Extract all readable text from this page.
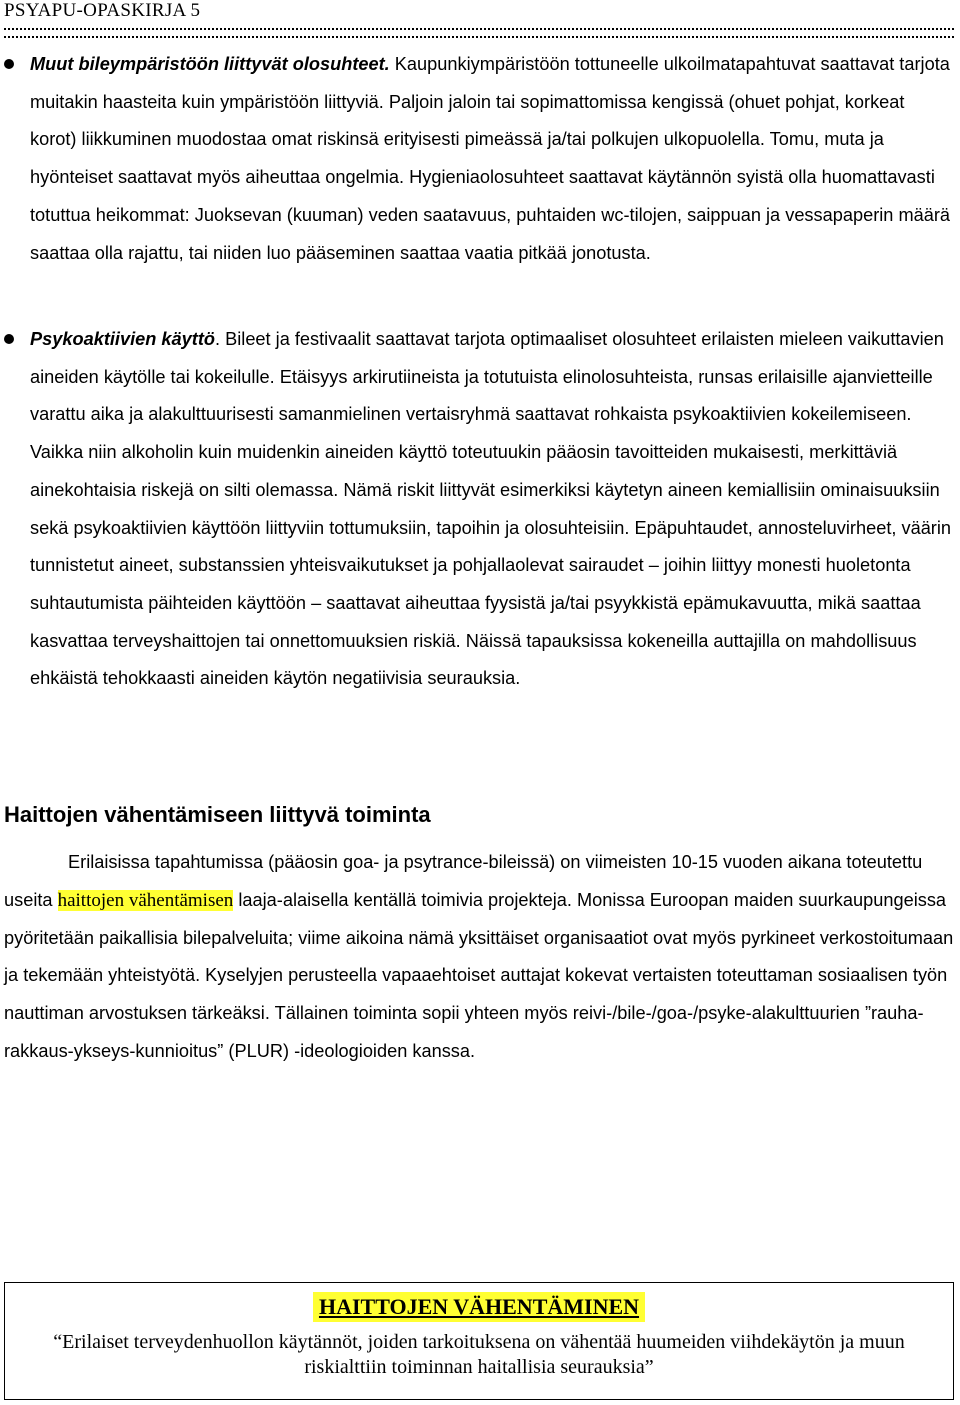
PSYAPU-OPASKIRJA 5
Muut bileympäristöön liittyvät olosuhteet. Kaupunkiympäristöön tottuneelle ulkoilmatapahtuvat saattavat tarjota muitakin haasteita kuin ympäristöön liittyviä. Paljoin jaloin tai sopimattomissa kengissä (ohuet pohjat, korkeat korot) liikkuminen muodostaa omat riskinsä erityisesti pimeässä ja/tai polkujen ulkopuolella. Tomu, muta ja hyönteiset saattavat myös aiheuttaa ongelmia. Hygieniaolosuhteet saattavat käytännön syistä olla huomattavasti totuttua heikommat: Juoksevan (kuuman) veden saatavuus, puhtaiden wc-tilojen, saippuan ja vessapaperin määrä saattaa olla rajattu, tai niiden luo pääseminen saattaa vaatia pitkää jonotusta.
Psykoaktiivien käyttö. Bileet ja festivaalit saattavat tarjota optimaaliset olosuhteet erilaisten mieleen vaikuttavien aineiden käytölle tai kokeilulle. Etäisyys arkirutiineista ja totutuista elinolosuhteista, runsas erilaisille ajanvietteille varattu aika ja alakulttuurisesti samanmielinen vertaisryhmä saattavat rohkaista psykoaktiivien kokeilemiseen. Vaikka niin alkoholin kuin muidenkin aineiden käyttö toteutuukin pääosin tavoitteiden mukaisesti, merkittäviä ainekohtaisia riskejä on silti olemassa. Nämä riskit liittyvät esimerkiksi käytetyn aineen kemiallisiin ominaisuuksiin sekä psykoaktiivien käyttöön liittyviin tottumuksiin, tapoihin ja olosuhteisiin. Epäpuhtaudet, annosteluvirheet, väärin tunnistetut aineet, substanssien yhteisvaikutukset ja pohjallaolevat sairaudet – joihin liittyy monesti huoletonta suhtautumista päihteiden käyttöön – saattavat aiheuttaa fyysistä ja/tai psyykkistä epämukavuutta, mikä saattaa kasvattaa terveyshaittojen tai onnettomuuksien riskiä. Näissä tapauksissa kokeneilla auttajilla on mahdollisuus ehkäistä tehokkaasti aineiden käytön negatiivisia seurauksia.
Haittojen vähentämiseen liittyvä toiminta
Erilaisissa tapahtumissa (pääosin goa- ja psytrance-bileissä) on viimeisten 10-15 vuoden aikana toteutettu useita haittojen vähentämisen laaja-alaisella kentällä toimivia projekteja. Monissa Euroopan maiden suurkaupungeissa pyöritetään paikallisia bilepalveluita; viime aikoina nämä yksittäiset organisaatiot ovat myös pyrkineet verkostoitumaan ja tekemään yhteistyötä. Kyselyjen perusteella vapaaehtoiset auttajat kokevat vertaisten toteuttaman sosiaalisen työn nauttiman arvostuksen tärkeäksi. Tällainen toiminta sopii yhteen myös reivi-/bile-/goa-/psyke-alakulttuurien ”rauha-rakkaus-ykseys-kunnioitus” (PLUR) -ideologioiden kanssa.
HAITTOJEN VÄHENTÄMINEN
“Erilaiset terveydenhuollon käytännöt, joiden tarkoituksena on vähentää huumeiden viihdekäytön ja muun riskialttiin toiminnan haitallisia seurauksia”
